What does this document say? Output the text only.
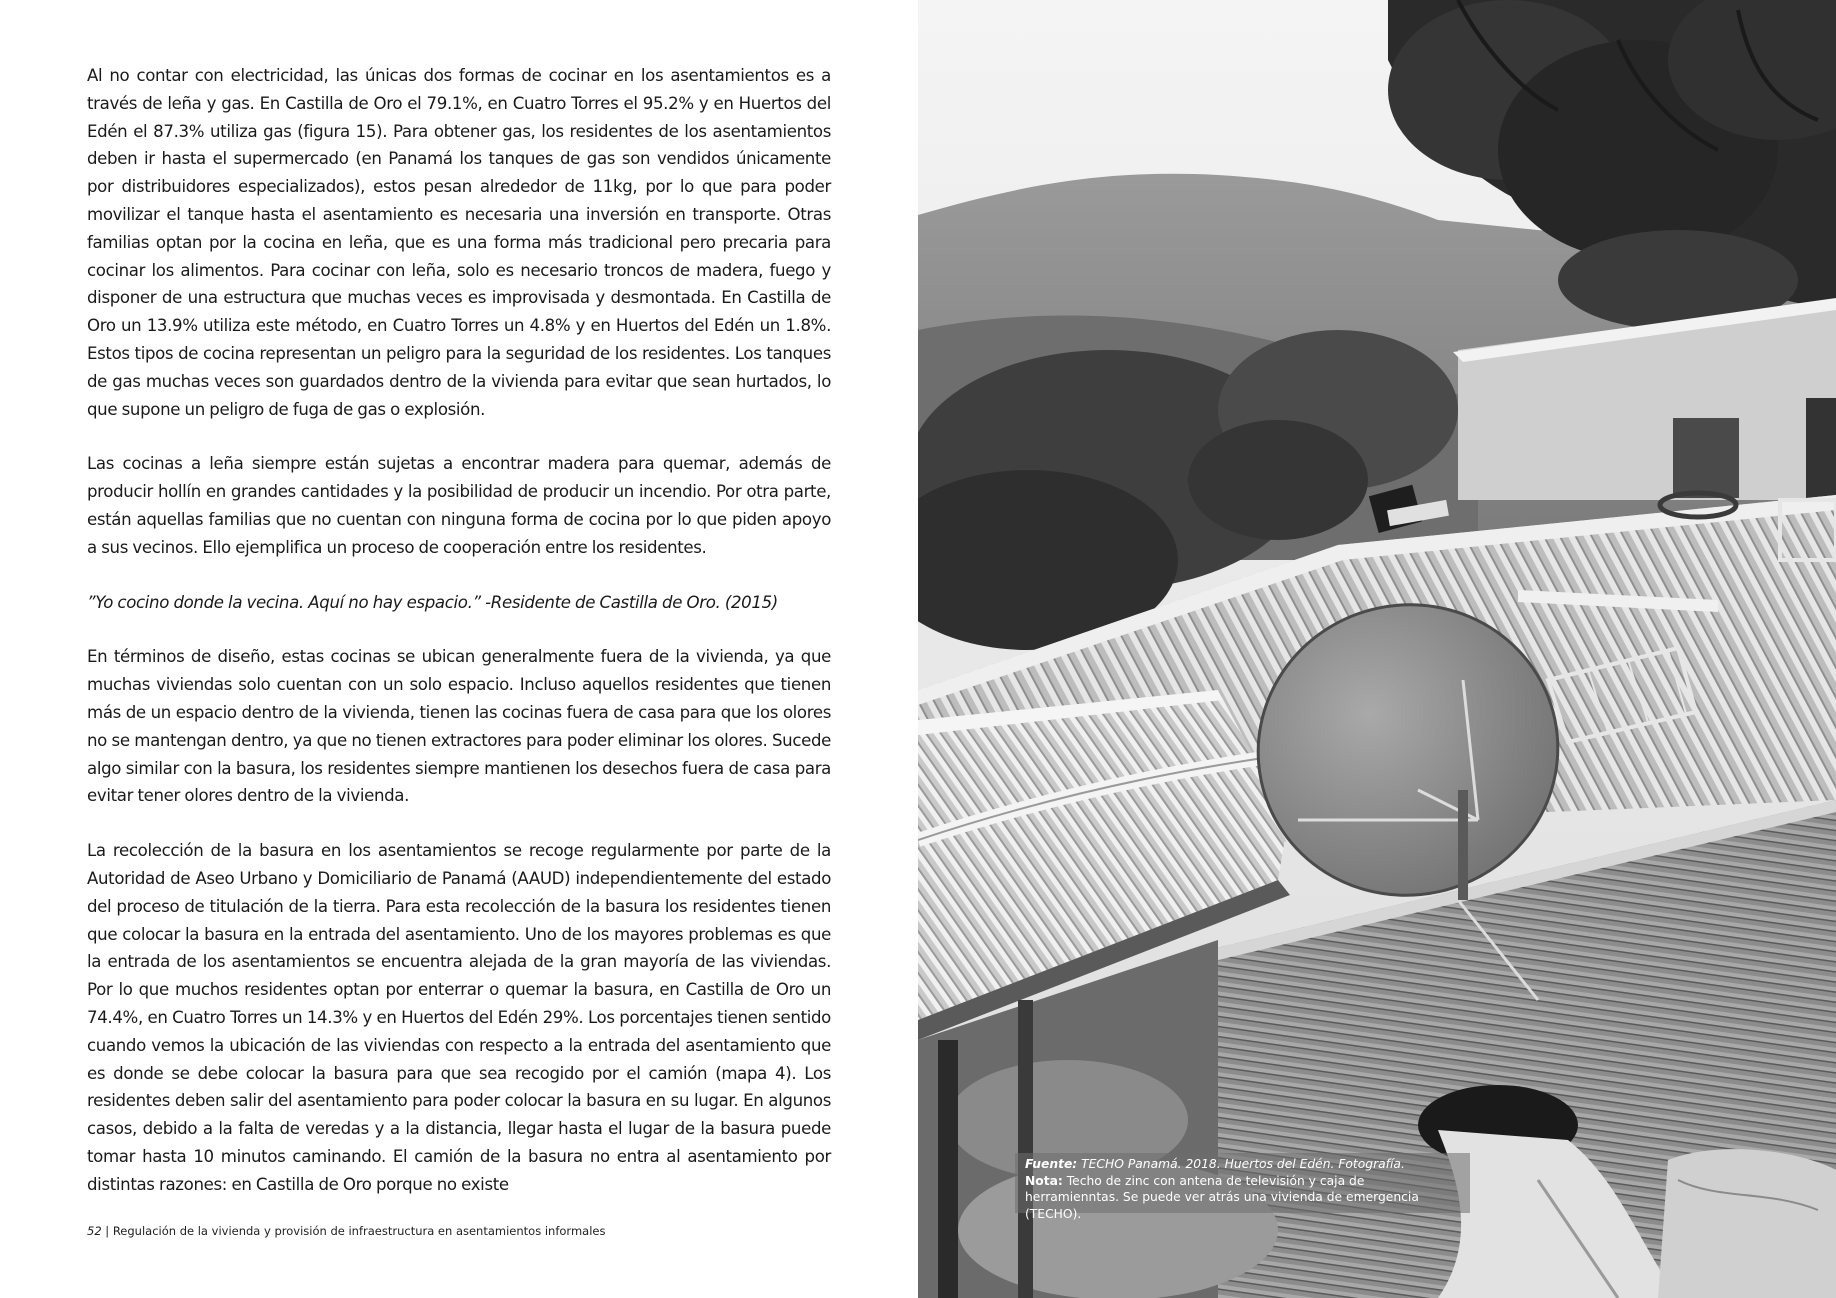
Al no contar con electricidad, las únicas dos formas de cocinar en los asentamientos es a través de leña y gas. En Castilla de Oro el 79.1%, en Cuatro Torres el 95.2% y en Huertos del Edén el 87.3% utiliza gas (figura 15). Para obtener gas, los residentes de los asentamientos deben ir hasta el supermercado (en Panamá los tanques de gas son vendidos únicamente por distribuidores especializados), estos pesan alrededor de 11kg, por lo que para poder movilizar el tanque hasta el asentamiento es necesaria una inversión en transporte. Otras familias optan por la cocina en leña, que es una forma más tradicional pero precaria para cocinar los alimentos. Para cocinar con leña, solo es necesario troncos de madera, fuego y disponer de una estructura que muchas veces es improvisada y desmontada. En Castilla de Oro un 13.9% utiliza este método, en Cuatro Torres un 4.8% y en Huertos del Edén un 1.8%. Estos tipos de cocina representan un peligro para la seguridad de los residentes. Los tanques de gas muchas veces son guardados dentro de la vivienda para evitar que sean hurtados, lo que supone un peligro de fuga de gas o explosión.

Las cocinas a leña siempre están sujetas a encontrar madera para quemar, además de producir hollín en grandes cantidades y la posibilidad de producir un incendio. Por otra parte, están aquellas familias que no cuentan con ninguna forma de cocina por lo que piden apoyo a sus vecinos. Ello ejemplifica un proceso de cooperación entre los residentes.

”Yo cocino donde la vecina. Aquí no hay espacio.” -Residente de Castilla de Oro. (2015)

En términos de diseño, estas cocinas se ubican generalmente fuera de la vivienda, ya que muchas viviendas solo cuentan con un solo espacio. Incluso aquellos residentes que tienen más de un espacio dentro de la vivienda, tienen las cocinas fuera de casa para que los olores no se mantengan dentro, ya que no tienen extractores para poder eliminar los olores. Sucede algo similar con la basura, los residentes siempre mantienen los desechos fuera de casa para evitar tener olores dentro de la vivienda.

La recolección de la basura en los asentamientos se recoge regularmente por parte de la Autoridad de Aseo Urbano y Domiciliario de Panamá (AAUD) independientemente del estado del proceso de titulación de la tierra. Para esta recolección de la basura los residentes tienen que colocar la basura en la entrada del asentamiento. Uno de los mayores problemas es que la entrada de los asentamientos se encuentra alejada de la gran mayoría de las viviendas. Por lo que muchos residentes optan por enterrar o quemar la basura, en Castilla de Oro un 74.4%, en Cuatro Torres un 14.3% y en Huertos del Edén 29%. Los porcentajes tienen sentido cuando vemos la ubicación de las viviendas con respecto a la entrada del asentamiento que es donde se debe colocar la basura para que sea recogido por el camión (mapa 4). Los residentes deben salir del asentamiento para poder colocar la basura en su lugar. En algunos casos, debido a la falta de veredas y a la distancia, llegar hasta el lugar de la basura puede tomar hasta 10 minutos caminando. El camión de la basura no entra al asentamiento por distintas razones: en Castilla de Oro porque no existe

52 | Regulación de la vivienda y provisión de infraestructura en asentamientos informales
Fuente: TECHO Panamá. 2018. Huertos del Edén. Fotografía.
Nota: Techo de zinc con antena de televisión y caja de herramienntas. Se puede ver atrás una vivienda de emergencia (TECHO).
